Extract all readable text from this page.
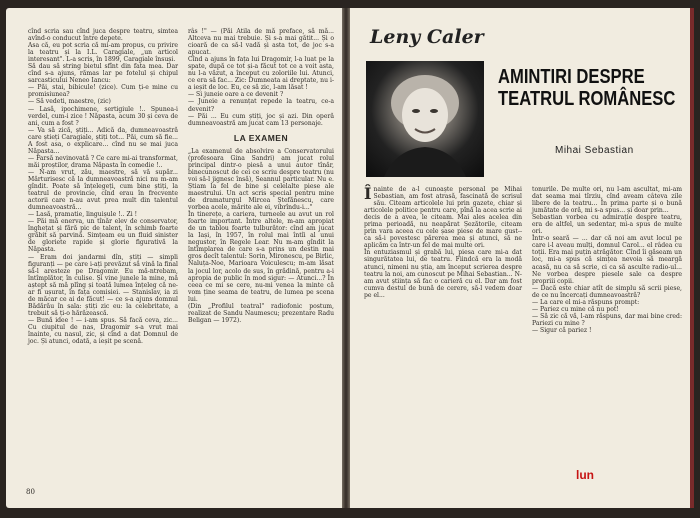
cînd scria sau cînd juca despre teatru, simtea avînd-o conducut între depete.

Asa că, eu pot scria că mi-am propus, cu privire la teatru și la I.L. Caragiale, „un articol interesant". L-a scris, în 1899, Caragiale însuși.

Să dau să string bietul sfînt din fata mea. Dar cînd s-a ajuns, rămas lar pe fotelul și chipul sarcasticului Neneo Iancu:

— Păi, stai, bibicule! (zice). Cum ți-e mine cu promisiunea?

— Să vedeti, maestre, (zic)

— Lasă, ipochimene, sertigiule !.. Spunea-i verdel, cum-i zice ! Năpasta, acum 30 și ceva de ani, cum a fost ?

— Va să zică, știți... Adică da, dumneavoastră care știeți Caragiale, știți tot... Păi, cum să fie... A fost asa, o explicare... cînd nu se mai juca Năpasta...

— Farsă nevinovată ? Ce care mi-ai transformat, măi proștilor, drama Năpasta în comedie !..

— N-am vrut, zău, maestre, să vă supăr... Mărturisesc că la dumneavoastră nici nu m-am gîndit. Poate să înțelegeți, cum bine știți, la teatrul de provincie, cînd erau în frecvente actorii care n-au avut prea mult din talentul dumneavoastră...

— Lasă, pramatie, linguișule !.. Zi !

— Păi mă enerva, un tînăr elev de conservator, înghețat și fără pic de talent, în schimb foarte grăbit să parvină. Simțeam eu un fluid sinister de gloriete rapide și glorie figurativă la Năpasta.

— Eram doi jandarmi dîn, știți — simpli figuranți — pe care i-ați prevăzut să vină la final să-l aresteze pe Dragomir. Eu mă-ntrebam, întîmplător, în culise. Și vine junele la mine, mă aștept să mă plîng și toată lumea înțeleg că ne-ar fi ușurat, în fața comisiei. — Stanislav, ia zi de măcar ce ai de făcut! — ce s-a ajuns domnul Bădărău în sala: știți zic eu: la celebritate, a trebuit să ți-o hărăzească.

— Bună idee ! — i-am spus. Să facă ceva, zic... Cu ciupitul de nas, Dragomir s-a vrut mai înainte, cu nasul, zic, și cînd a dat Domnul de joc. Și atunci, odată, a ieșit pe scenă.

râs !" — (Păi Atila de mă preface, să mă... Altceva nu mai trebuie. Și s-a mai gătit... Și o cioară de ca să-l vadă și asta tot, de joc s-a apucat.

Cînd a ajuns în fața lui Dragomir, l-a luat pe la spate, după ce tot și-a făcut tot ce a voit asta, nu l-a văzut, a început cu zoloriile lui. Atunci, ce era să fac... Zic: Dumneata ai dreptate, nu i-a ieșit de loc. Eu, ce să zic, l-am lăsat !

— Si juneie oare a ce devenit ?

— Juneie a renunțat repede la teatru, ce-a devenit?

— Păi ... Eu cum știți, joc și azi. Din operă dumneavoastră am jucat cam 13 personaje.

LA EXAMEN

„La examenul de absolvire a Conservatorului (profesoara Gina Sandri) am jucat rolul principal dintr-o piesă a unui autor tînăr, binecunoscut de cei ce scriu despre teatru (nu voi să-l jignesc însă), Seannul particular. Nu e. Știam la fel de bine și celelalte piese ale maestrului. Un act scris special pentru mine de dramaturgul Mircea Ștefănescu, care vorbea acele, mărite ale ei, vibrîndu-i..."

În tinerețe, a cariera, turneele au avut un rol foarte important. Între altele, m-am apropiat de un tablou foarte tulburător: cînd am jucat la Iași, în 1957, în rolul mai întîi al unui negustor, în Regele Lear. Nu m-am gîndit la întîmplarea de care s-a prins un destin mai gros decît talentul: Sorin, Mironescu, pe Birlic, Naluța-Noe, Marioara Voiculescu; m-am lăsat la jocul lor, acolo de sus, în grădină, pentru a-i apropia de public în mod sigur: — Atunci...? În ceea ce mi se cere, nu-mi venea la minte că vom ține seama de teatru, de lumea pe scena lui.

(Din „Profilul teatral" radiofonic postum, realizat de Sandu Naumescu; prezentare Radu Beligan — 1972).

80
Leny Caler
AMINTIRI DESPRE
TEATRUL ROMÂNESC
Mihai Sebastian

Înainte de a-l cunoaște personal pe Mihai Sebastian, am fost atrasă, fascinată de scrisul său. Citeam articolele lui prin gazete, chiar și articolele politice pentru care, pînă la acea scrie ai decis de a avea, le citeam. Mai ales acelea din prima perioadă, nu neapărat Șezătorile, citeam prin vara aceea cu cele șase piese de mare gust-- ca să-i povestesc părerea mea și atunci, să ne aplicăm ca într-un fel de mai multe ori.

În entuziasmul și grabă lui, piesa care mi-a dat singurătatea lui, de teatru. Fiindcă era la modă atunci, nimeni nu știa, am început scrierea despre teatru la noi, am cunoscut pe Mihai Sebastian... N-am avut știința să fac o carieră cu el. Dar am fost cumva destul de bună de cerere, să-l vedem doar pe el...

tonurile. De multe ori, nu l-am ascultat, mi-am dat seama mai tîrziu, cînd aveam câteva zile libere de la teatru... În prima parte și o bună jumătate de oră, mi s-a spus... și doar prin...

Sebastian vorbea cu admirație despre teatru, era de altfel, un sedentar, mi-a spus de multe ori.

Într-o seară — ... dar că noi am avut locul pe care i-l aveau mulți, domnul Carol... el râdea cu toții. Era mai puțin atrăgător. Cînd îi găseam un loc, mi-a spus că simțea nevoia să meargă acasă, nu ca să scrie, ci ca să asculte radio-ul... Ne vorbea despre piesele sale ca despre propriii copii.

— Dacă este chiar atît de simplu să scrii piese, de ce nu încercați dumneavoastră?

— La care el mi-a răspuns prompt:

— Pariez cu mine că nu pot!

— Să zic că vă, l-am răspuns, dar mai bine cred: Pariezi cu mine ?

— Sigur că pariez !

lun
